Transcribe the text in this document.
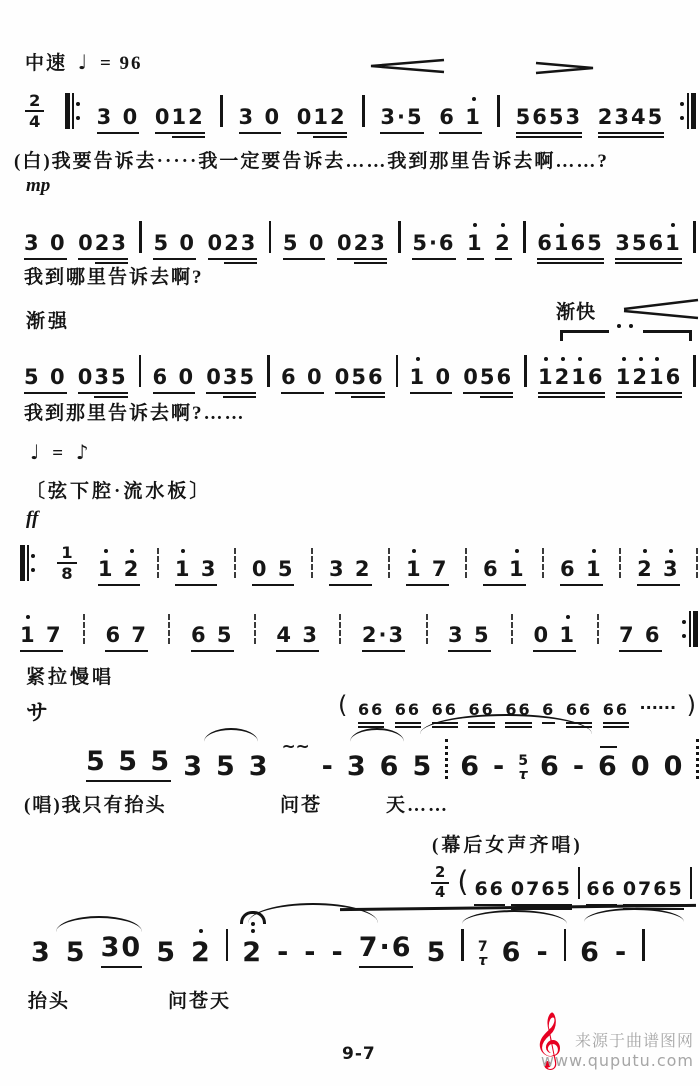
中速 ♩ = 96
$\frac{2}{4} 3$ 0 0 12 3 0 0 12 3·5 6 1 5653 2345
(白)我要告诉去·····我一定要告诉去……我到那里告诉去啊……?
mp
3 0 0 23 5 0 0 23 5 0 0 23 5·6 1 2 61
65 3561
我到哪里告诉去啊?
渐强	渐快
5 0 0 35 6 0 0 35 6 0 0 56 1 0 0 56 1
2
1
6 1
2
1
6
我到那里告诉去啊?……
♩ = ♪
〔弦下腔·流水板〕
ff
$\frac{1}{8} 1$ 2 1 3 0 5 3 2 1 7 6 1 6 1 2 3
1 7 6 7 6 5 4 3 2·3 3 5 0 1 7 6
紧拉慢唱
サ	( 66 66 66 66 66 6 66 66 ······ )
5 5 5 3 5 3
~~
- 3 6 5 6 - 5
τ 6 - 6 0 0
(唱)我只有抬头	问苍	天……
(幕后女声齐唱)
$\frac{2}{4}$ ( 66 0765 66 0765
3 5 30 5 2 2 - - - 7·6 5 7
τ 6 - 6 -
抬头	问苍天
9-7	𝄞 来源于曲谱图网
www.quputu.com
